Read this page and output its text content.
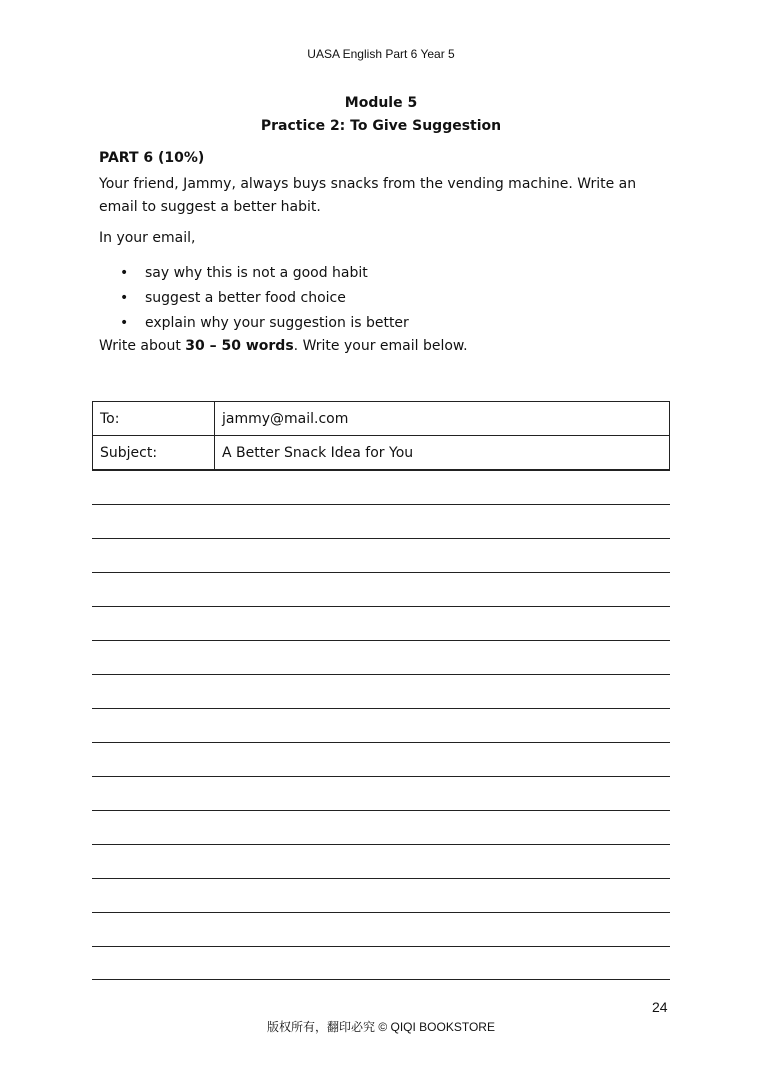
UASA English Part 6 Year 5
Module 5
Practice 2: To Give Suggestion
PART 6 (10%)
Your friend, Jammy, always buys snacks from the vending machine. Write an email to suggest a better habit.
In your email,
• say why this is not a good habit
• suggest a better food choice
• explain why your suggestion is better
Write about 30 – 50 words. Write your email below.
To:	jammy@mail.com
Subject:	A Better Snack Idea for You
24
版权所有，翻印必究 © QIQI BOOKSTORE
